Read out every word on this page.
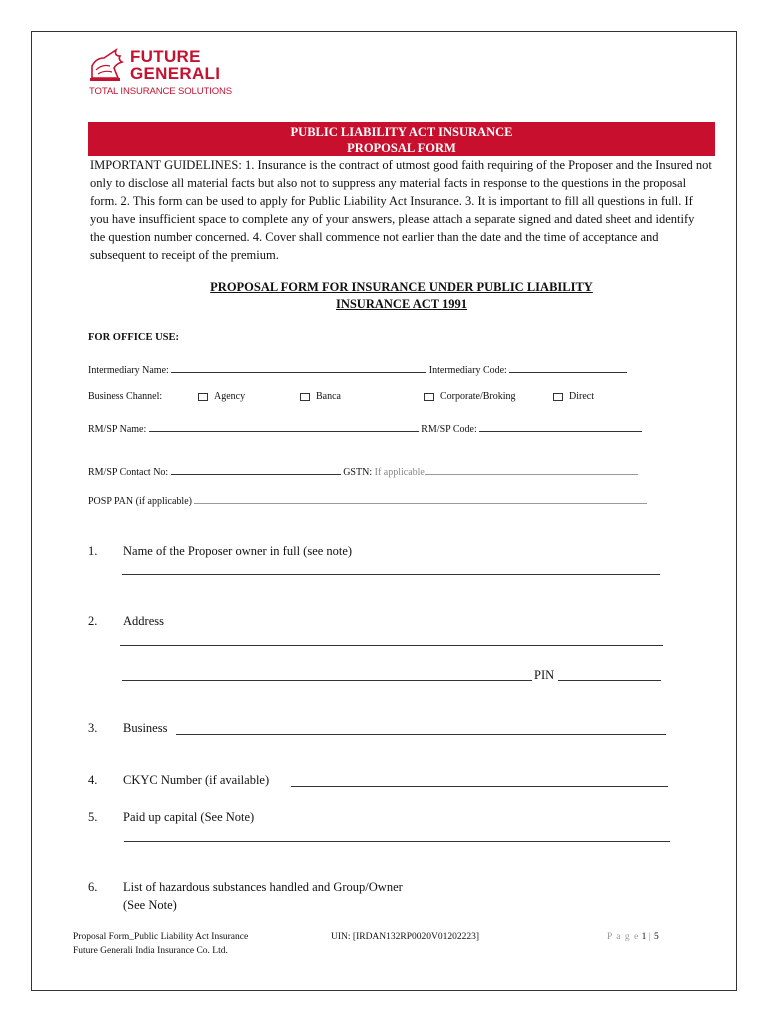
FUTURE
GENERALI
TOTAL INSURANCE SOLUTIONS
PUBLIC LIABILITY ACT INSURANCE
PROPOSAL FORM
IMPORTANT GUIDELINES: 1. Insurance is the contract of utmost good faith requiring of the Proposer and the Insured not only to disclose all material facts but also not to suppress any material facts in response to the questions in the proposal form. 2. This form can be used to apply for Public Liability Act Insurance. 3. It is important to fill all questions in full. If you have insufficient space to complete any of your answers, please attach a separate signed and dated sheet and identify the question number concerned. 4. Cover shall commence not earlier than the date and the time of acceptance and subsequent to receipt of the premium.
PROPOSAL FORM FOR INSURANCE UNDER PUBLIC LIABILITY
INSURANCE ACT 1991
FOR OFFICE USE:
Intermediary Name:	Intermediary Code:
Business Channel:	Agency	Banca	Corporate/Broking	Direct
RM/SP Name:	RM/SP Code:
RM/SP Contact No:	GSTN: If applicable
POSP PAN (if applicable)
1. Name of the Proposer owner in full (see note)
2. Address
PIN
3. Business
4. CKYC Number (if available)
5. Paid up capital (See Note)
6. List of hazardous substances handled and Group/Owner
(See Note)
Proposal Form_Public Liability Act Insurance
Future Generali India Insurance Co. Ltd.
UIN: [IRDAN132RP0020V01202223]	P a g e 1 | 5
